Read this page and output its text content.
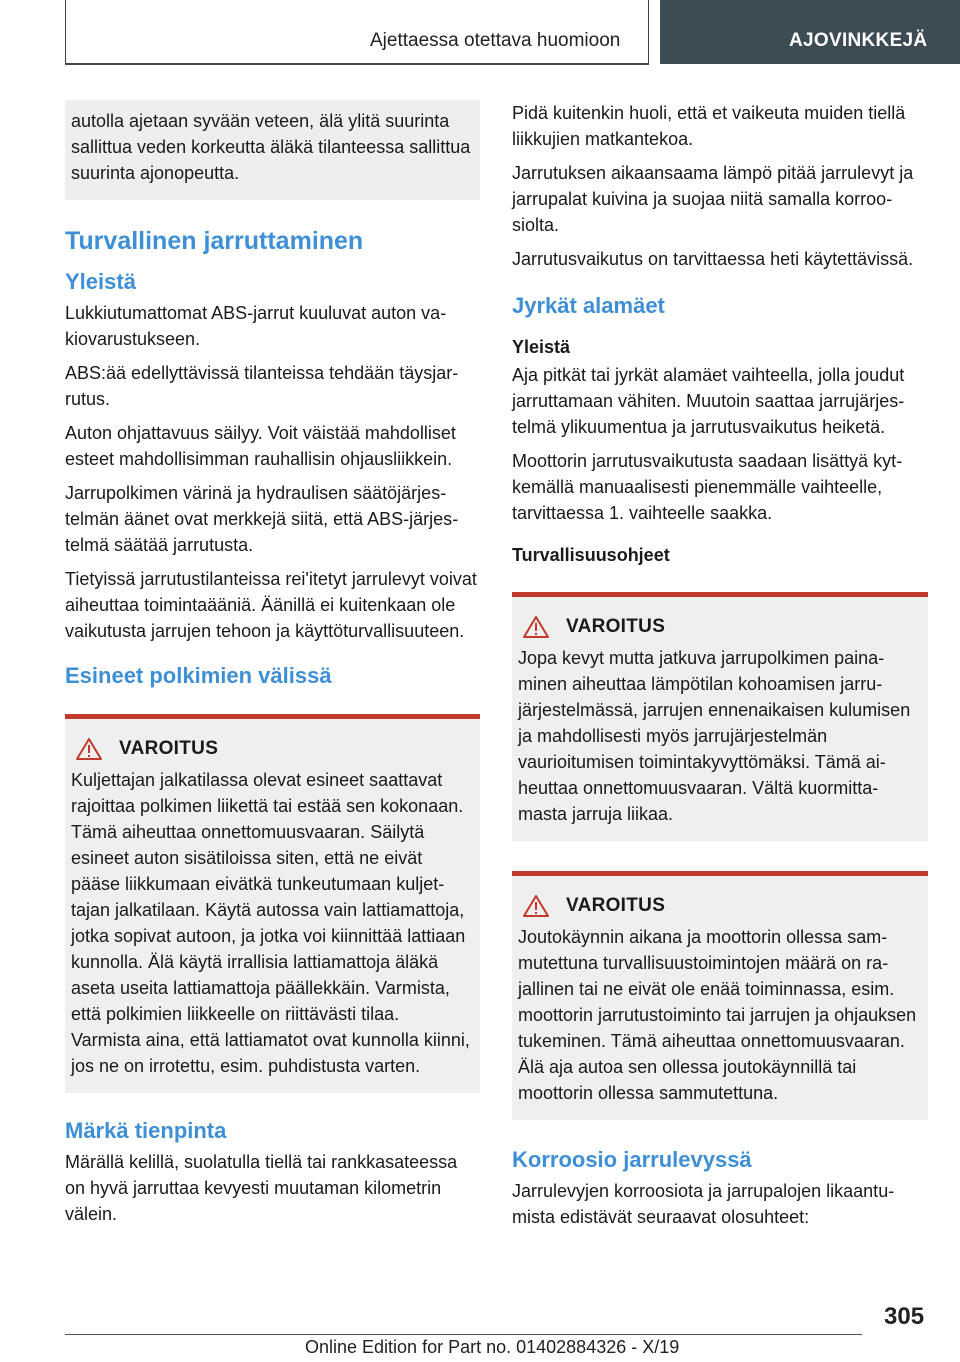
Ajettaessa otettava huomioon	AJOVINKKEJÄ
autolla ajetaan syvään veteen, älä ylitä suurinta sallittua veden korkeutta äläkä tilanteessa sallittua suurinta ajonopeutta.
Turvallinen jarruttaminen
Yleistä
Lukkiutumattomat ABS-jarrut kuuluvat auton vakiovarustukseen.
ABS:ää edellyttävissä tilanteissa tehdään täysjarrutus.
Auton ohjattavuus säilyy. Voit väistää mahdolliset esteet mahdollisimman rauhallisin ohjausliikkein.
Jarrupolkimen värinä ja hydraulisen säätöjärjestelmän äänet ovat merkkejä siitä, että ABS-järjestelmä säätää jarrutusta.
Tietyissä jarrutustilanteissa rei'itetyt jarrulevyt voivat aiheuttaa toimintaääniä. Äänillä ei kuitenkaan ole vaikutusta jarrujen tehoon ja käyttöturvallisuuteen.
Esineet polkimien välissä
VAROITUS
Kuljettajan jalkatilassa olevat esineet saattavat rajoittaa polkimen liikettä tai estää sen kokonaan. Tämä aiheuttaa onnettomuusvaaran. Säilytä esineet auton sisätiloissa siten, että ne eivät pääse liikkumaan eivätkä tunkeutumaan kuljettajan jalkatilaan. Käytä autossa vain lattiamattoja, jotka sopivat autoon, ja jotka voi kiinnittää lattiaan kunnolla. Älä käytä irrallisia lattiamattoja äläkä aseta useita lattiamattoja päällekkäin. Varmista, että polkimien liikkeelle on riittävästi tilaa. Varmista aina, että lattiamatot ovat kunnolla kiinni, jos ne on irrotettu, esim. puhdistusta varten.
Märkä tienpinta
Märällä kelillä, suolatulla tiellä tai rankkasateessa on hyvä jarruttaa kevyesti muutaman kilometrin välein.
Pidä kuitenkin huoli, että et vaikeuta muiden tiellä liikkujien matkantekoa.
Jarrutuksen aikaansaama lämpö pitää jarrulevyt ja jarrupalat kuivina ja suojaa niitä samalla korroosiolta.
Jarrutusvaikutus on tarvittaessa heti käytettävissä.
Jyrkät alamäet
Yleistä
Aja pitkät tai jyrkät alamäet vaihteella, jolla joudut jarruttamaan vähiten. Muutoin saattaa jarrujärjestelmä ylikuumentua ja jarrutusvaikutus heiketä.
Moottorin jarrutusvaikutusta saadaan lisättyä kytkemällä manuaalisesti pienemmälle vaihteelle, tarvittaessa 1. vaihteelle saakka.
Turvallisuusohjeet
VAROITUS
Jopa kevyt mutta jatkuva jarrupolkimen painaminen aiheuttaa lämpötilan kohoamisen jarrujärjestelmässä, jarrujen ennenaikaisen kulumisen ja mahdollisesti myös jarrujärjestelmän vaurioitumisen toimintakyvyttömäksi. Tämä aiheuttaa onnettomuusvaaran. Vältä kuormittamasta jarruja liikaa.
VAROITUS
Joutokäynnin aikana ja moottorin ollessa sammutettuna turvallisuustoimintojen määrä on rajallinen tai ne eivät ole enää toiminnassa, esim. moottorin jarrutustoiminto tai jarrujen ja ohjauksen tukeminen. Tämä aiheuttaa onnettomuusvaaran. Älä aja autoa sen ollessa joutokäynnillä tai moottorin ollessa sammutettuna.
Korroosio jarrulevyssä
Jarrulevyjen korroosiota ja jarrupalojen likaantumista edistävät seuraavat olosuhteet:
305
Online Edition for Part no. 01402884326 - X/19
